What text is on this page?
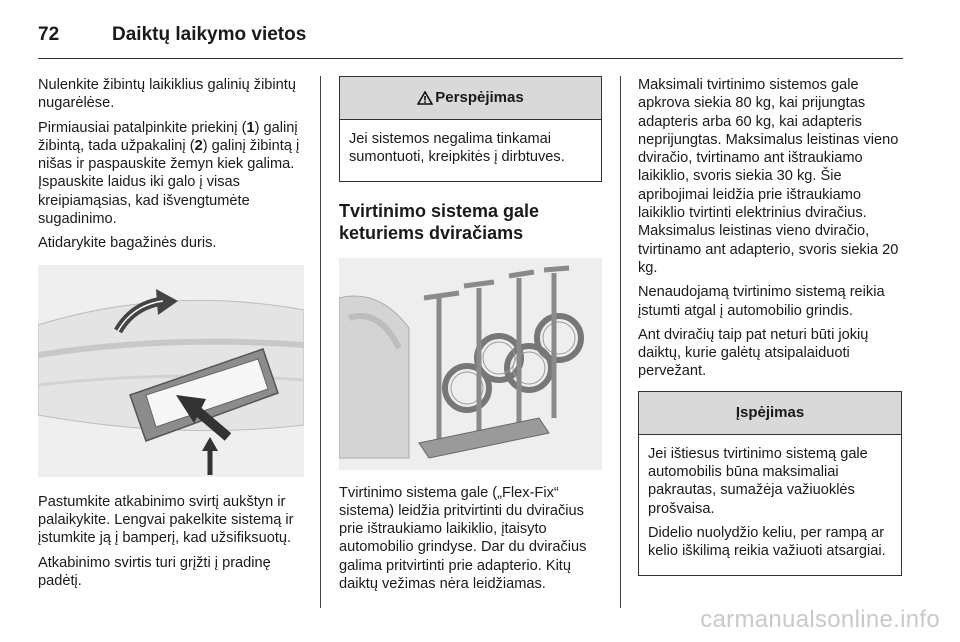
72	Daiktų laikymo vietos

Nulenkite žibintų laikiklius galinių žibintų nugarėlėse.

Pirmiausiai patalpinkite priekinį (1) galinį žibintą, tada užpakalinį (2) galinį žibintą į nišas ir paspauskite žemyn kiek galima. Įspauskite laidus iki galo į visas kreipiamąsias, kad išvengtumėte sugadinimo.

Atidarykite bagažinės duris.

Pastumkite atkabinimo svirtį aukštyn ir palaikykite. Lengvai pakelkite sistemą ir įstumkite ją į bamperį, kad užsifiksuotų.

Atkabinimo svirtis turi grįžti į pradinę padėtį.

Perspėjimas

Jei sistemos negalima tinkamai sumontuoti, kreipkitės į dirbtuves.

Tvirtinimo sistema gale keturiems dviračiams

Tvirtinimo sistema gale („Flex-Fix“ sistema) leidžia pritvirtinti du dviračius prie ištraukiamo laikiklio, įtaisyto automobilio grindyse. Dar du dviračius galima pritvirtinti prie adapterio. Kitų daiktų vežimas nėra leidžiamas.

Maksimali tvirtinimo sistemos gale apkrova siekia 80 kg, kai prijungtas adapteris arba 60 kg, kai adapteris neprijungtas. Maksimalus leistinas vieno dviračio, tvirtinamo ant ištraukiamo laikiklio, svoris siekia 30 kg. Šie apribojimai leidžia prie ištraukiamo laikiklio tvirtinti elektrinius dviračius. Maksimalus leistinas vieno dviračio, tvirtinamo ant adapterio, svoris siekia 20 kg.

Nenaudojamą tvirtinimo sistemą reikia įstumti atgal į automobilio grindis.

Ant dviračių taip pat neturi būti jokių daiktų, kurie galėtų atsipalaiduoti pervežant.

Įspėjimas

Jei ištiesus tvirtinimo sistemą gale automobilis būna maksimaliai pakrautas, sumažėja važiuoklės prošvaisa.

Didelio nuolydžio keliu, per rampą ar kelio iškilimą reikia važiuoti atsargiai.

carmanualsonline.info
